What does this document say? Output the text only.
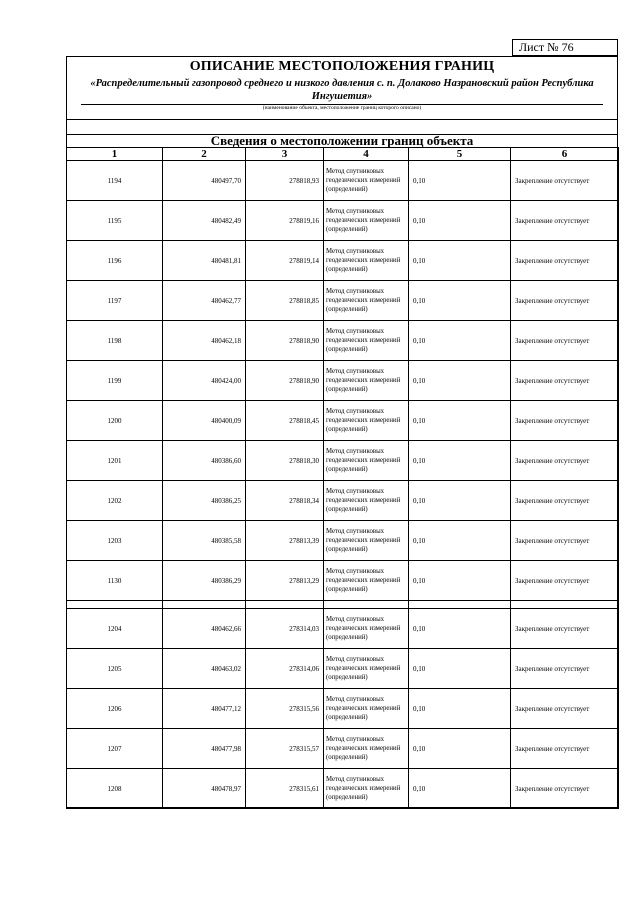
Лист № 76
ОПИСАНИЕ МЕСТОПОЛОЖЕНИЯ ГРАНИЦ
«Распределительный газопровод среднего и низкого давления с. п. Долаково Назрановский район Республика Ингушетия»
(наименование объекта, местоположение границ которого описано)
Сведения о местоположении границ объекта
1	2	3	4	5	6
1194	480497,70	278818,93	Метод спутниковых геодезических измерений (определений)	0,10	Закрепление отсутствует
1195	480482,49	278819,16	Метод спутниковых геодезических измерений (определений)	0,10	Закрепление отсутствует
1196	480481,81	278819,14	Метод спутниковых геодезических измерений (определений)	0,10	Закрепление отсутствует
1197	480462,77	278818,85	Метод спутниковых геодезических измерений (определений)	0,10	Закрепление отсутствует
1198	480462,18	278818,90	Метод спутниковых геодезических измерений (определений)	0,10	Закрепление отсутствует
1199	480424,00	278818,90	Метод спутниковых геодезических измерений (определений)	0,10	Закрепление отсутствует
1200	480400,09	278818,45	Метод спутниковых геодезических измерений (определений)	0,10	Закрепление отсутствует
1201	480386,60	278818,30	Метод спутниковых геодезических измерений (определений)	0,10	Закрепление отсутствует
1202	480386,25	278818,34	Метод спутниковых геодезических измерений (определений)	0,10	Закрепление отсутствует
1203	480385,58	278813,39	Метод спутниковых геодезических измерений (определений)	0,10	Закрепление отсутствует
1130	480386,29	278813,29	Метод спутниковых геодезических измерений (определений)	0,10	Закрепление отсутствует

1204	480462,66	278314,03	Метод спутниковых геодезических измерений (определений)	0,10	Закрепление отсутствует
1205	480463,02	278314,06	Метод спутниковых геодезических измерений (определений)	0,10	Закрепление отсутствует
1206	480477,12	278315,56	Метод спутниковых геодезических измерений (определений)	0,10	Закрепление отсутствует
1207	480477,98	278315,57	Метод спутниковых геодезических измерений (определений)	0,10	Закрепление отсутствует
1208	480478,97	278315,61	Метод спутниковых геодезических измерений (определений)	0,10	Закрепление отсутствует
